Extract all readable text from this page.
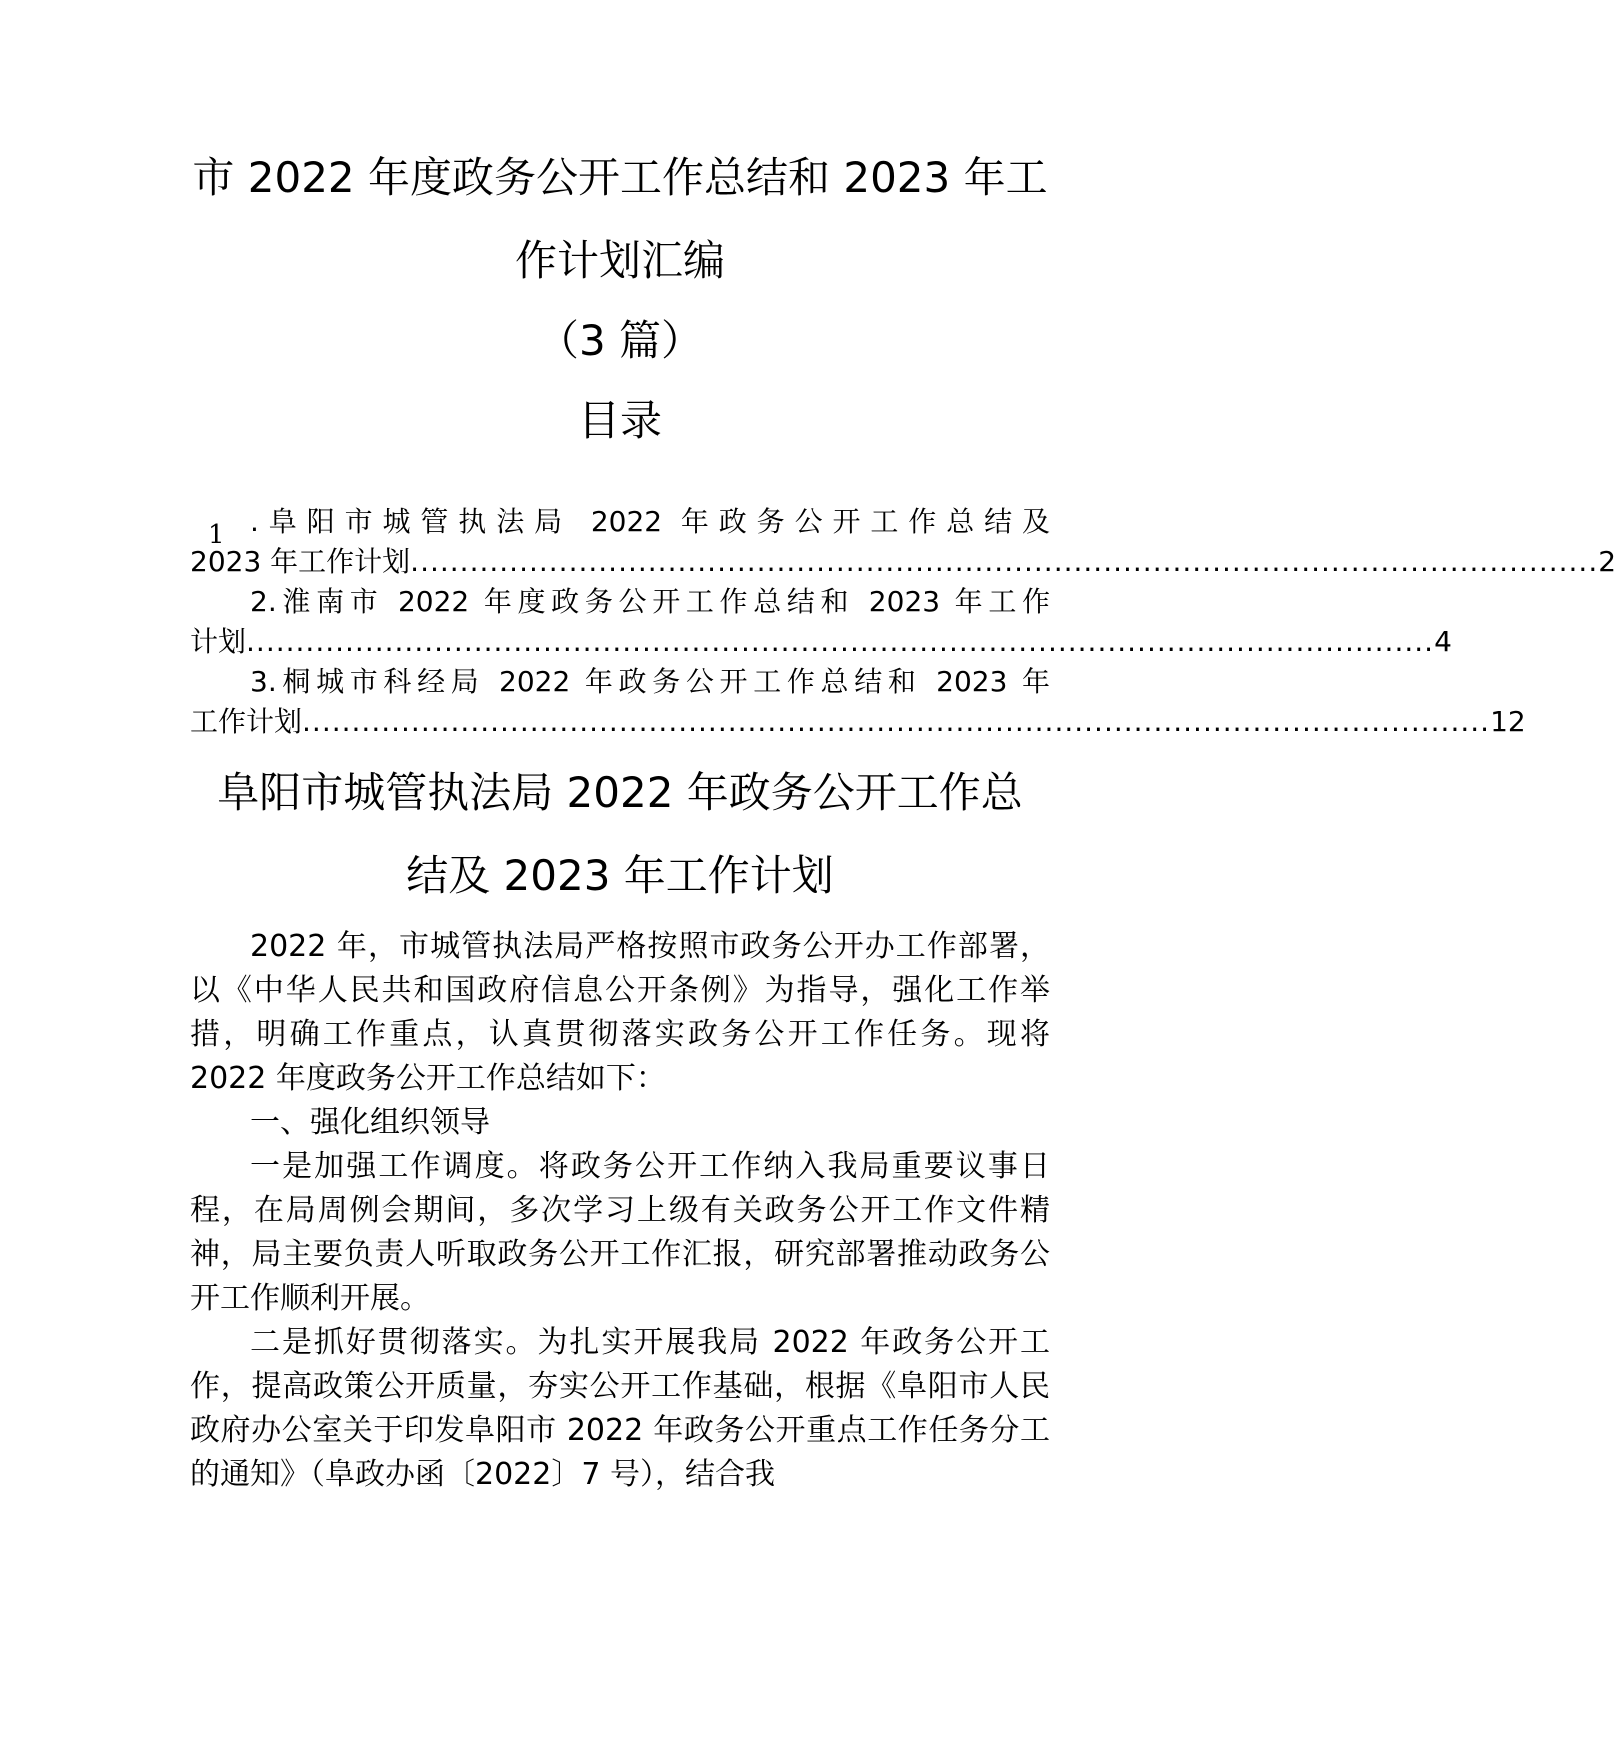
市 2022 年度政务公开工作总结和 2023 年工
作计划汇编
（3 篇）
目录

1 .阜阳市城管执法局 2022 年政务公开工作总结及

2023 年工作计划 ........................................................................................................................ 2

2.淮南市 2022 年度政务公开工作总结和 2023 年工作

计划 ........................................................................................................................ 4

3.桐城市科经局 2022 年政务公开工作总结和 2023 年

工作计划 ........................................................................................................................ 12

阜阳市城管执法局 2022 年政务公开工作总
结及 2023 年工作计划

2022 年，市城管执法局严格按照市政务公开办工作部署，以《中华人民共和国政府信息公开条例》为指导，强化工作举措，明确工作重点，认真贯彻落实政务公开工作任务。现将 2022 年度政务公开工作总结如下：

一、强化组织领导

一是加强工作调度。将政务公开工作纳入我局重要议事日程，在局周例会期间，多次学习上级有关政务公开工作文件精神，局主要负责人听取政务公开工作汇报，研究部署推动政务公开工作顺利开展。

二是抓好贯彻落实。为扎实开展我局 2022 年政务公开工作，提高政策公开质量，夯实公开工作基础，根据《阜阳市人民政府办公室关于印发阜阳市 2022 年政务公开重点工作任务分工的通知》（阜政办函〔2022〕7 号），结合我
